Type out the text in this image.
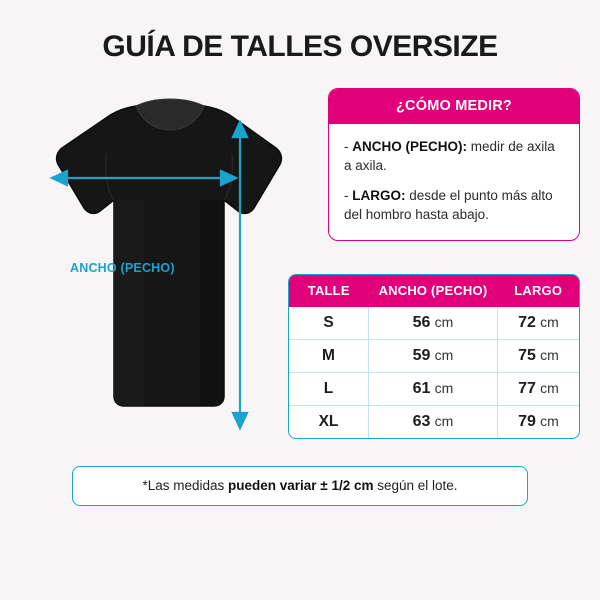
GUÍA DE TALLES OVERSIZE
ANCHO (PECHO)
¿CÓMO MEDIR?

- ANCHO (PECHO): medir de axila a axila.

- LARGO: desde el punto más alto del hombro hasta abajo.

TALLE	ANCHO (PECHO)	LARGO
S	56 cm	72 cm
M	59 cm	75 cm
L	61 cm	77 cm
XL	63 cm	79 cm
*Las medidas pueden variar ± 1/2 cm según el lote.
